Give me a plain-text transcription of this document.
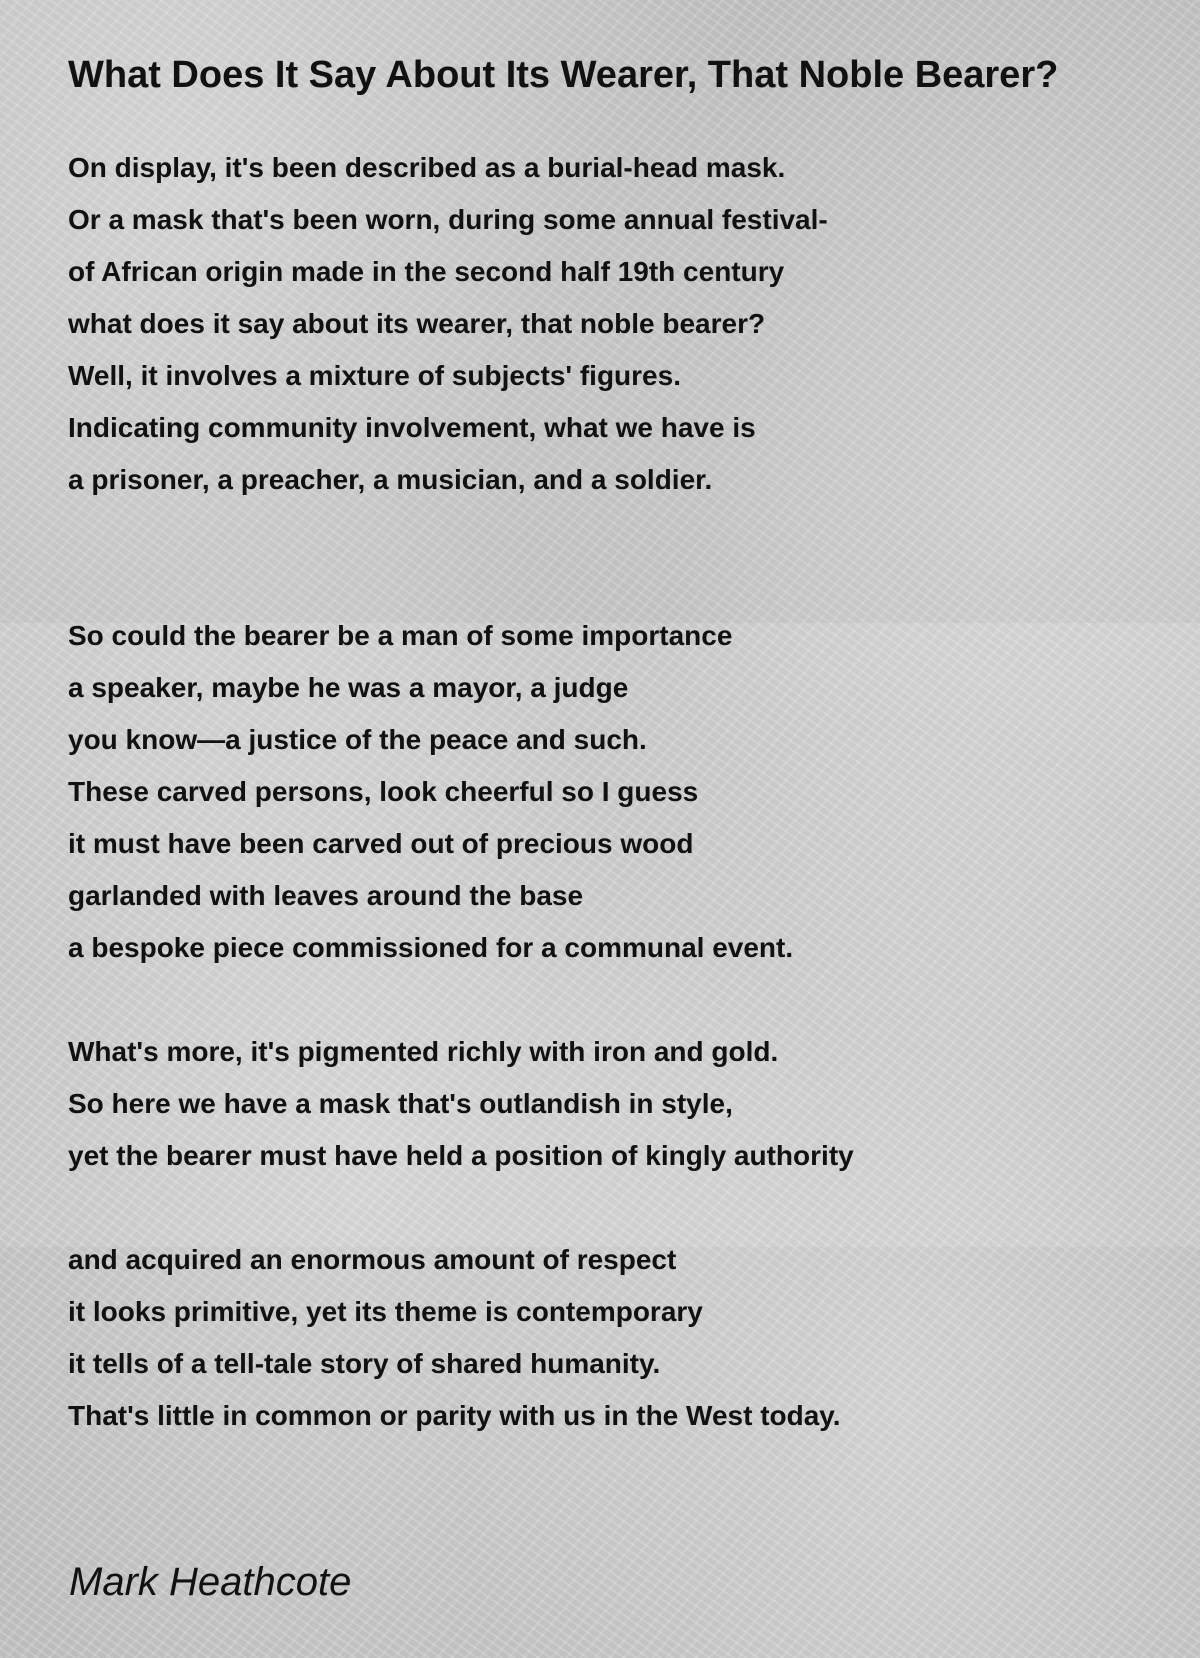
What Does It Say About Its Wearer, That Noble Bearer?

On display, it's been described as a burial-head mask.
Or a mask that's been worn, during some annual festival-
of African origin made in the second half 19th century
what does it say about its wearer, that noble bearer?
Well, it involves a mixture of subjects' figures.
Indicating community involvement, what we have is
a prisoner, a preacher, a musician, and a soldier.

So could the bearer be a man of some importance
a speaker, maybe he was a mayor, a judge
you know—a justice of the peace and such.
These carved persons, look cheerful so I guess
it must have been carved out of precious wood
garlanded with leaves around the base
a bespoke piece commissioned for a communal event.

What's more, it's pigmented richly with iron and gold.
So here we have a mask that's outlandish in style,
yet the bearer must have held a position of kingly authority

and acquired an enormous amount of respect
it looks primitive, yet its theme is contemporary
it tells of a tell-tale story of shared humanity.
That's little in common or parity with us in the West today.

Mark Heathcote
